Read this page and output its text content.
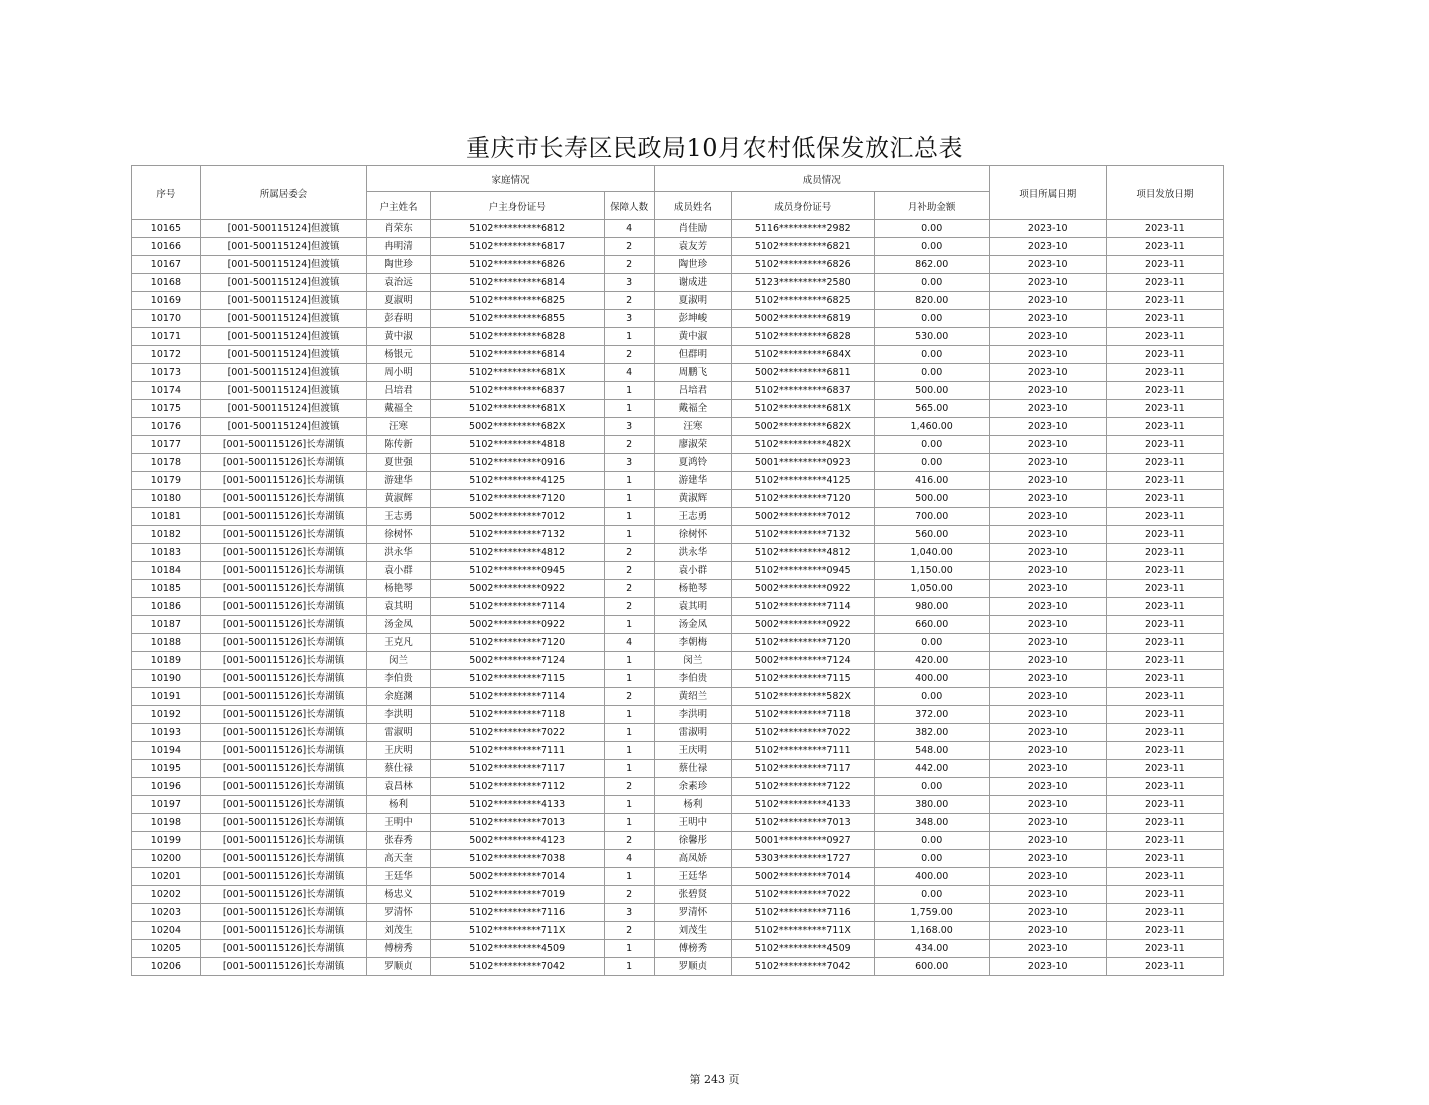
重庆市长寿区民政局10月农村低保发放汇总表
序号	所属居委会	家庭情况			成员情况			项目所属日期	项目发放日期
		户主姓名	户主身份证号	保障人数	成员姓名	成员身份证号	月补助金额		
10165	[001-500115124]但渡镇	肖荣东	5102**********6812	4	肖佳励	5116**********2982	0.00	2023-10	2023-11
10166	[001-500115124]但渡镇	冉明清	5102**********6817	2	袁友芳	5102**********6821	0.00	2023-10	2023-11
10167	[001-500115124]但渡镇	陶世珍	5102**********6826	2	陶世珍	5102**********6826	862.00	2023-10	2023-11
10168	[001-500115124]但渡镇	袁治远	5102**********6814	3	谢成进	5123**********2580	0.00	2023-10	2023-11
10169	[001-500115124]但渡镇	夏淑明	5102**********6825	2	夏淑明	5102**********6825	820.00	2023-10	2023-11
10170	[001-500115124]但渡镇	彭春明	5102**********6855	3	彭坤峻	5002**********6819	0.00	2023-10	2023-11
10171	[001-500115124]但渡镇	黄中淑	5102**********6828	1	黄中淑	5102**********6828	530.00	2023-10	2023-11
10172	[001-500115124]但渡镇	杨银元	5102**********6814	2	但群明	5102**********684X	0.00	2023-10	2023-11
10173	[001-500115124]但渡镇	周小明	5102**********681X	4	周鹏飞	5002**********6811	0.00	2023-10	2023-11
10174	[001-500115124]但渡镇	吕培君	5102**********6837	1	吕培君	5102**********6837	500.00	2023-10	2023-11
10175	[001-500115124]但渡镇	戴福全	5102**********681X	1	戴福全	5102**********681X	565.00	2023-10	2023-11
10176	[001-500115124]但渡镇	汪寒	5002**********682X	3	汪寒	5002**********682X	1,460.00	2023-10	2023-11
10177	[001-500115126]长寿湖镇	陈传新	5102**********4818	2	廖淑荣	5102**********482X	0.00	2023-10	2023-11
10178	[001-500115126]长寿湖镇	夏世强	5102**********0916	3	夏鸿铃	5001**********0923	0.00	2023-10	2023-11
10179	[001-500115126]长寿湖镇	游建华	5102**********4125	1	游建华	5102**********4125	416.00	2023-10	2023-11
10180	[001-500115126]长寿湖镇	黄淑辉	5102**********7120	1	黄淑辉	5102**********7120	500.00	2023-10	2023-11
10181	[001-500115126]长寿湖镇	王志勇	5002**********7012	1	王志勇	5002**********7012	700.00	2023-10	2023-11
10182	[001-500115126]长寿湖镇	徐树怀	5102**********7132	1	徐树怀	5102**********7132	560.00	2023-10	2023-11
10183	[001-500115126]长寿湖镇	洪永华	5102**********4812	2	洪永华	5102**********4812	1,040.00	2023-10	2023-11
10184	[001-500115126]长寿湖镇	袁小群	5102**********0945	2	袁小群	5102**********0945	1,150.00	2023-10	2023-11
10185	[001-500115126]长寿湖镇	杨艳琴	5002**********0922	2	杨艳琴	5002**********0922	1,050.00	2023-10	2023-11
10186	[001-500115126]长寿湖镇	袁其明	5102**********7114	2	袁其明	5102**********7114	980.00	2023-10	2023-11
10187	[001-500115126]长寿湖镇	汤金凤	5002**********0922	1	汤金凤	5002**********0922	660.00	2023-10	2023-11
10188	[001-500115126]长寿湖镇	王克凡	5102**********7120	4	李朝梅	5102**********7120	0.00	2023-10	2023-11
10189	[001-500115126]长寿湖镇	闵兰	5002**********7124	1	闵兰	5002**********7124	420.00	2023-10	2023-11
10190	[001-500115126]长寿湖镇	李伯贵	5102**********7115	1	李伯贵	5102**********7115	400.00	2023-10	2023-11
10191	[001-500115126]长寿湖镇	余庭渊	5102**********7114	2	黄绍兰	5102**********582X	0.00	2023-10	2023-11
10192	[001-500115126]长寿湖镇	李洪明	5102**********7118	1	李洪明	5102**********7118	372.00	2023-10	2023-11
10193	[001-500115126]长寿湖镇	雷淑明	5102**********7022	1	雷淑明	5102**********7022	382.00	2023-10	2023-11
10194	[001-500115126]长寿湖镇	王庆明	5102**********7111	1	王庆明	5102**********7111	548.00	2023-10	2023-11
10195	[001-500115126]长寿湖镇	蔡仕禄	5102**********7117	1	蔡仕禄	5102**********7117	442.00	2023-10	2023-11
10196	[001-500115126]长寿湖镇	袁昌林	5102**********7112	2	余素珍	5102**********7122	0.00	2023-10	2023-11
10197	[001-500115126]长寿湖镇	杨利	5102**********4133	1	杨利	5102**********4133	380.00	2023-10	2023-11
10198	[001-500115126]长寿湖镇	王明中	5102**********7013	1	王明中	5102**********7013	348.00	2023-10	2023-11
10199	[001-500115126]长寿湖镇	张春秀	5002**********4123	2	徐馨彤	5001**********0927	0.00	2023-10	2023-11
10200	[001-500115126]长寿湖镇	高天奎	5102**********7038	4	高凤娇	5303**********1727	0.00	2023-10	2023-11
10201	[001-500115126]长寿湖镇	王廷华	5002**********7014	1	王廷华	5002**********7014	400.00	2023-10	2023-11
10202	[001-500115126]长寿湖镇	杨忠义	5102**********7019	2	张碧贤	5102**********7022	0.00	2023-10	2023-11
10203	[001-500115126]长寿湖镇	罗清怀	5102**********7116	3	罗清怀	5102**********7116	1,759.00	2023-10	2023-11
10204	[001-500115126]长寿湖镇	刘茂生	5102**********711X	2	刘茂生	5102**********711X	1,168.00	2023-10	2023-11
10205	[001-500115126]长寿湖镇	傅榜秀	5102**********4509	1	傅榜秀	5102**********4509	434.00	2023-10	2023-11
10206	[001-500115126]长寿湖镇	罗顺贞	5102**********7042	1	罗顺贞	5102**********7042	600.00	2023-10	2023-11
第 243 页
